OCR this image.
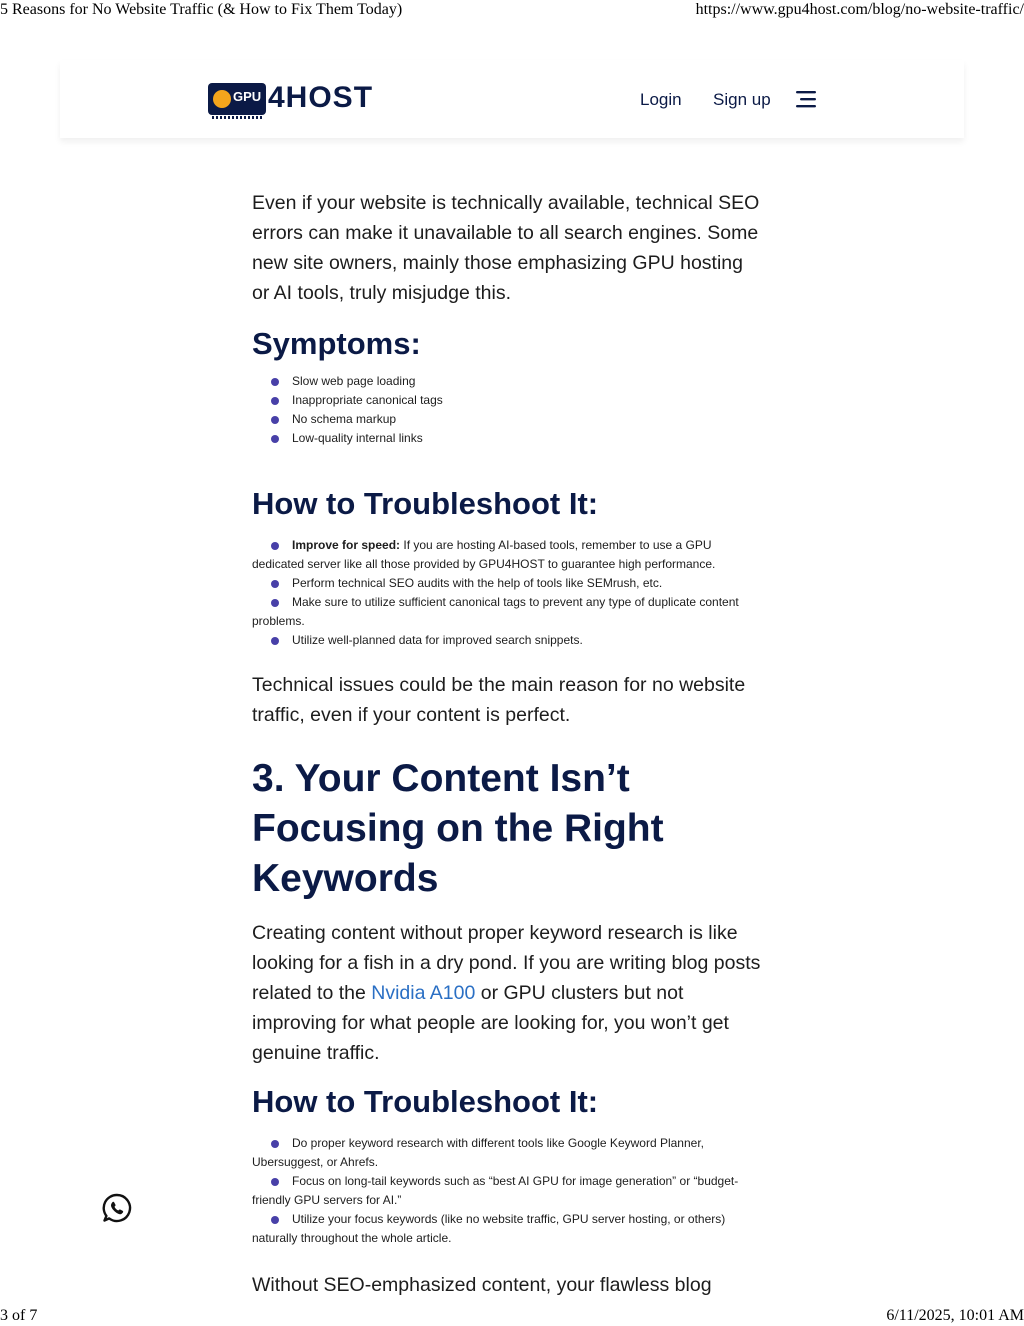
5 Reasons for No Website Traffic (& How to Fix Them Today)	https://www.gpu4host.com/blog/no-website-traffic/

Even if your website is technically available, technical SEO errors can make it unavailable to all search engines. Some new site owners, mainly those emphasizing GPU hosting or AI tools, truly misjudge this.

Symptoms:
Slow web page loading
Inappropriate canonical tags
No schema markup
Low-quality internal links
How to Troubleshoot It:
Improve for speed: If you are hosting AI-based tools, remember to use a GPU dedicated server like all those provided by GPU4HOST to guarantee high performance.
Perform technical SEO audits with the help of tools like SEMrush, etc.
Make sure to utilize sufficient canonical tags to prevent any type of duplicate content problems.
Utilize well-planned data for improved search snippets.

Technical issues could be the main reason for no website traffic, even if your content is perfect.

3. Your Content Isn’t Focusing on the Right Keywords

Creating content without proper keyword research is like looking for a fish in a dry pond. If you are writing blog posts related to the Nvidia A100 or GPU clusters but not improving for what people are looking for, you won’t get genuine traffic.

How to Troubleshoot It:
Do proper keyword research with different tools like Google Keyword Planner, Ubersuggest, or Ahrefs.
Focus on long-tail keywords such as “best AI GPU for image generation” or “budget-friendly GPU servers for AI.”
Utilize your focus keywords (like no website traffic, GPU server hosting, or others) naturally throughout the whole article.

Without SEO-emphasized content, your flawless blog

GPU 4HOST	Login Sign up
3 of 7	6/11/2025, 10:01 AM
